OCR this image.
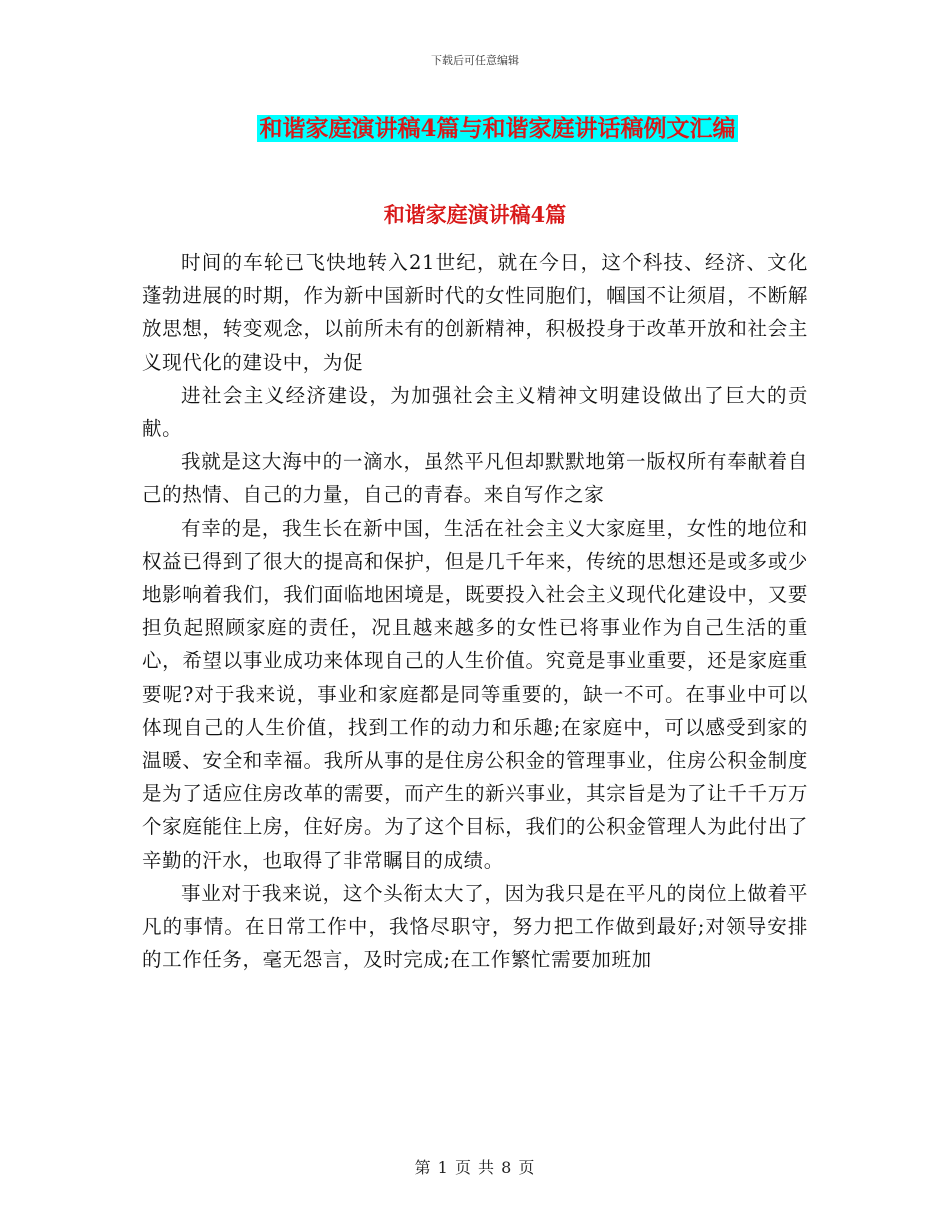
下载后可任意编辑
和谐家庭演讲稿4篇与和谐家庭讲话稿例文汇编
和谐家庭演讲稿4篇

时间的车轮已飞快地转入21世纪，就在今日，这个科技、经济、文化蓬勃进展的时期，作为新中国新时代的女性同胞们，帼国不让须眉，不断解放思想，转变观念，以前所未有的创新精神，积极投身于改革开放和社会主义现代化的建设中，为促

进社会主义经济建设，为加强社会主义精神文明建设做出了巨大的贡献。

我就是这大海中的一滴水，虽然平凡但却默默地第一版权所有奉献着自己的热情、自己的力量，自己的青春。来自写作之家

有幸的是，我生长在新中国，生活在社会主义大家庭里，女性的地位和权益已得到了很大的提高和保护，但是几千年来，传统的思想还是或多或少地影响着我们，我们面临地困境是，既要投入社会主义现代化建设中，又要担负起照顾家庭的责任，况且越来越多的女性已将事业作为自己生活的重心，希望以事业成功来体现自己的人生价值。究竟是事业重要，还是家庭重要呢?对于我来说，事业和家庭都是同等重要的，缺一不可。在事业中可以体现自己的人生价值，找到工作的动力和乐趣;在家庭中，可以感受到家的温暖、安全和幸福。我所从事的是住房公积金的管理事业，住房公积金制度是为了适应住房改革的需要，而产生的新兴事业，其宗旨是为了让千千万万个家庭能住上房，住好房。为了这个目标，我们的公积金管理人为此付出了辛勤的汗水，也取得了非常瞩目的成绩。

事业对于我来说，这个头衔太大了，因为我只是在平凡的岗位上做着平凡的事情。在日常工作中，我恪尽职守，努力把工作做到最好;对领导安排的工作任务，毫无怨言，及时完成;在工作繁忙需要加班加

第 1 页 共 8 页
